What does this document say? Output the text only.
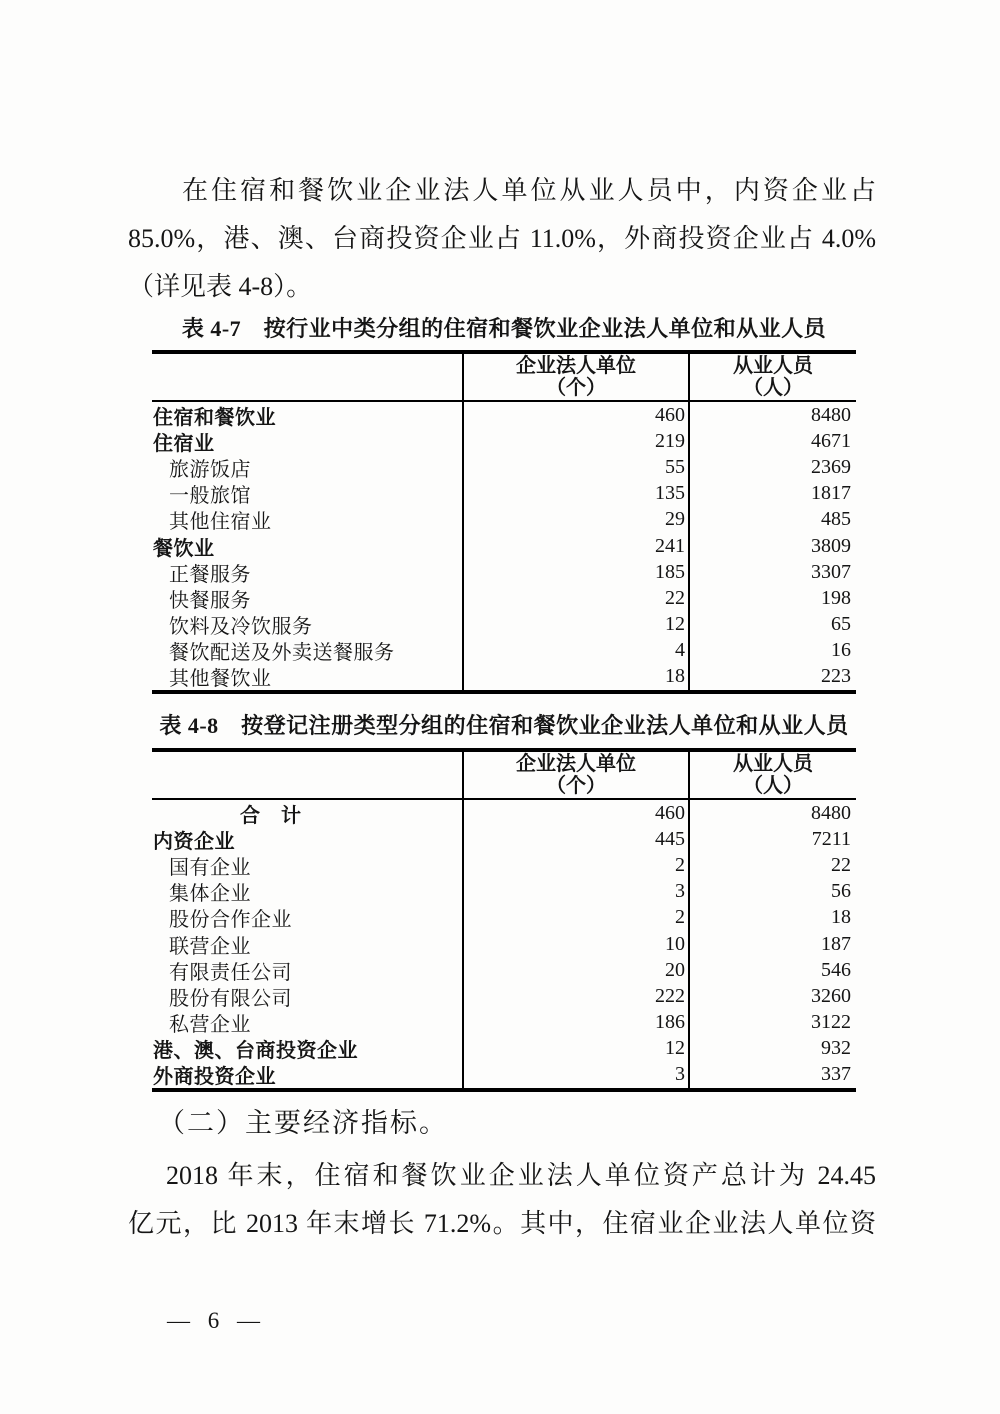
在住宿和餐饮业企业法人单位从业人员中，内资企业占
85.0%，港、澳、台商投资企业占 11.0%，外商投资企业占 4.0%
（详见表 4-8）。
表 4-7　按行业中类分组的住宿和餐饮业企业法人单位和从业人员
企业法人单位
（个）
从业人员
（人）
住宿和餐饮业	460	8480
住宿业	219	4671
旅游饭店	55	2369
一般旅馆	135	1817
其他住宿业	29	485
餐饮业	241	3809
正餐服务	185	3307
快餐服务	22	198
饮料及冷饮服务	12	65
餐饮配送及外卖送餐服务	4	16
其他餐饮业	18	223
表 4-8　按登记注册类型分组的住宿和餐饮业企业法人单位和从业人员
企业法人单位
（个）
从业人员
（人）
合　计	460	8480
内资企业	445	7211
国有企业	2	22
集体企业	3	56
股份合作企业	2	18
联营企业	10	187
有限责任公司	20	546
股份有限公司	222	3260
私营企业	186	3122
港、澳、台商投资企业	12	932
外商投资企业	3	337
（二）主要经济指标。
2018 年末，住宿和餐饮业企业法人单位资产总计为 24.45
亿元，比 2013 年末增长 71.2%。其中，住宿业企业法人单位资
— 6 —
